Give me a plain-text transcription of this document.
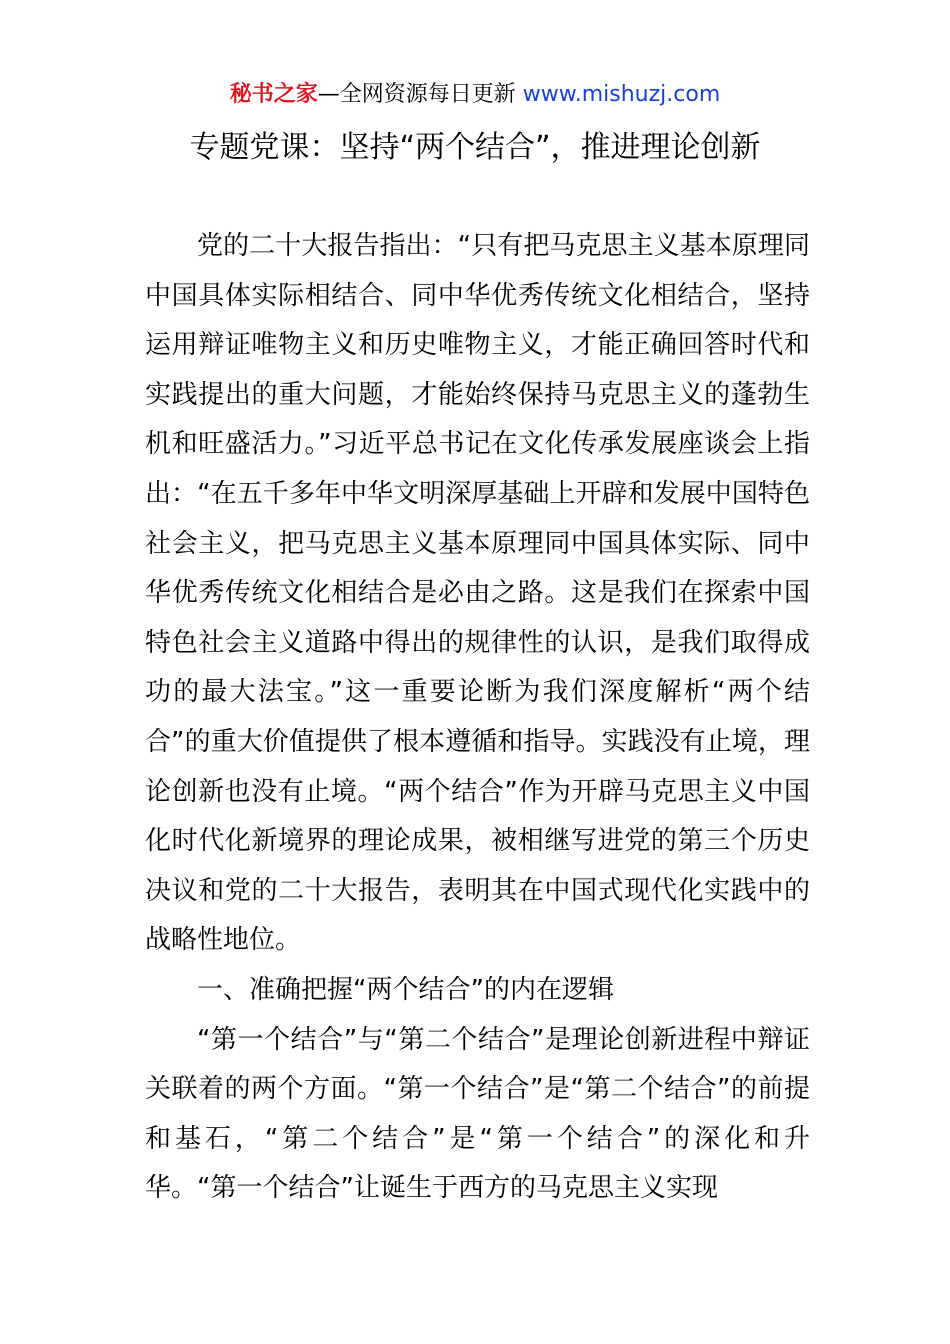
秘书之家—全网资源每日更新 www.mishuzj.com
专题党课：坚持“两个结合”，推进理论创新

党的二十大报告指出：“只有把马克思主义基本原理同中国具体实际相结合、同中华优秀传统文化相结合，坚持运用辩证唯物主义和历史唯物主义，才能正确回答时代和实践提出的重大问题，才能始终保持马克思主义的蓬勃生机和旺盛活力。”习近平总书记在文化传承发展座谈会上指出：“在五千多年中华文明深厚基础上开辟和发展中国特色社会主义，把马克思主义基本原理同中国具体实际、同中华优秀传统文化相结合是必由之路。这是我们在探索中国特色社会主义道路中得出的规律性的认识，是我们取得成功的最大法宝。”这一重要论断为我们深度解析“两个结合”的重大价值提供了根本遵循和指导。实践没有止境，理论创新也没有止境。“两个结合”作为开辟马克思主义中国化时代化新境界的理论成果，被相继写进党的第三个历史决议和党的二十大报告，表明其在中国式现代化实践中的战略性地位。

一、准确把握“两个结合”的内在逻辑

“第一个结合”与“第二个结合”是理论创新进程中辩证关联着的两个方面。“第一个结合”是“第二个结合”的前提和基石，“第二个结合”是“第一个结合”的深化和升华。“第一个结合”让诞生于西方的马克思主义实现
